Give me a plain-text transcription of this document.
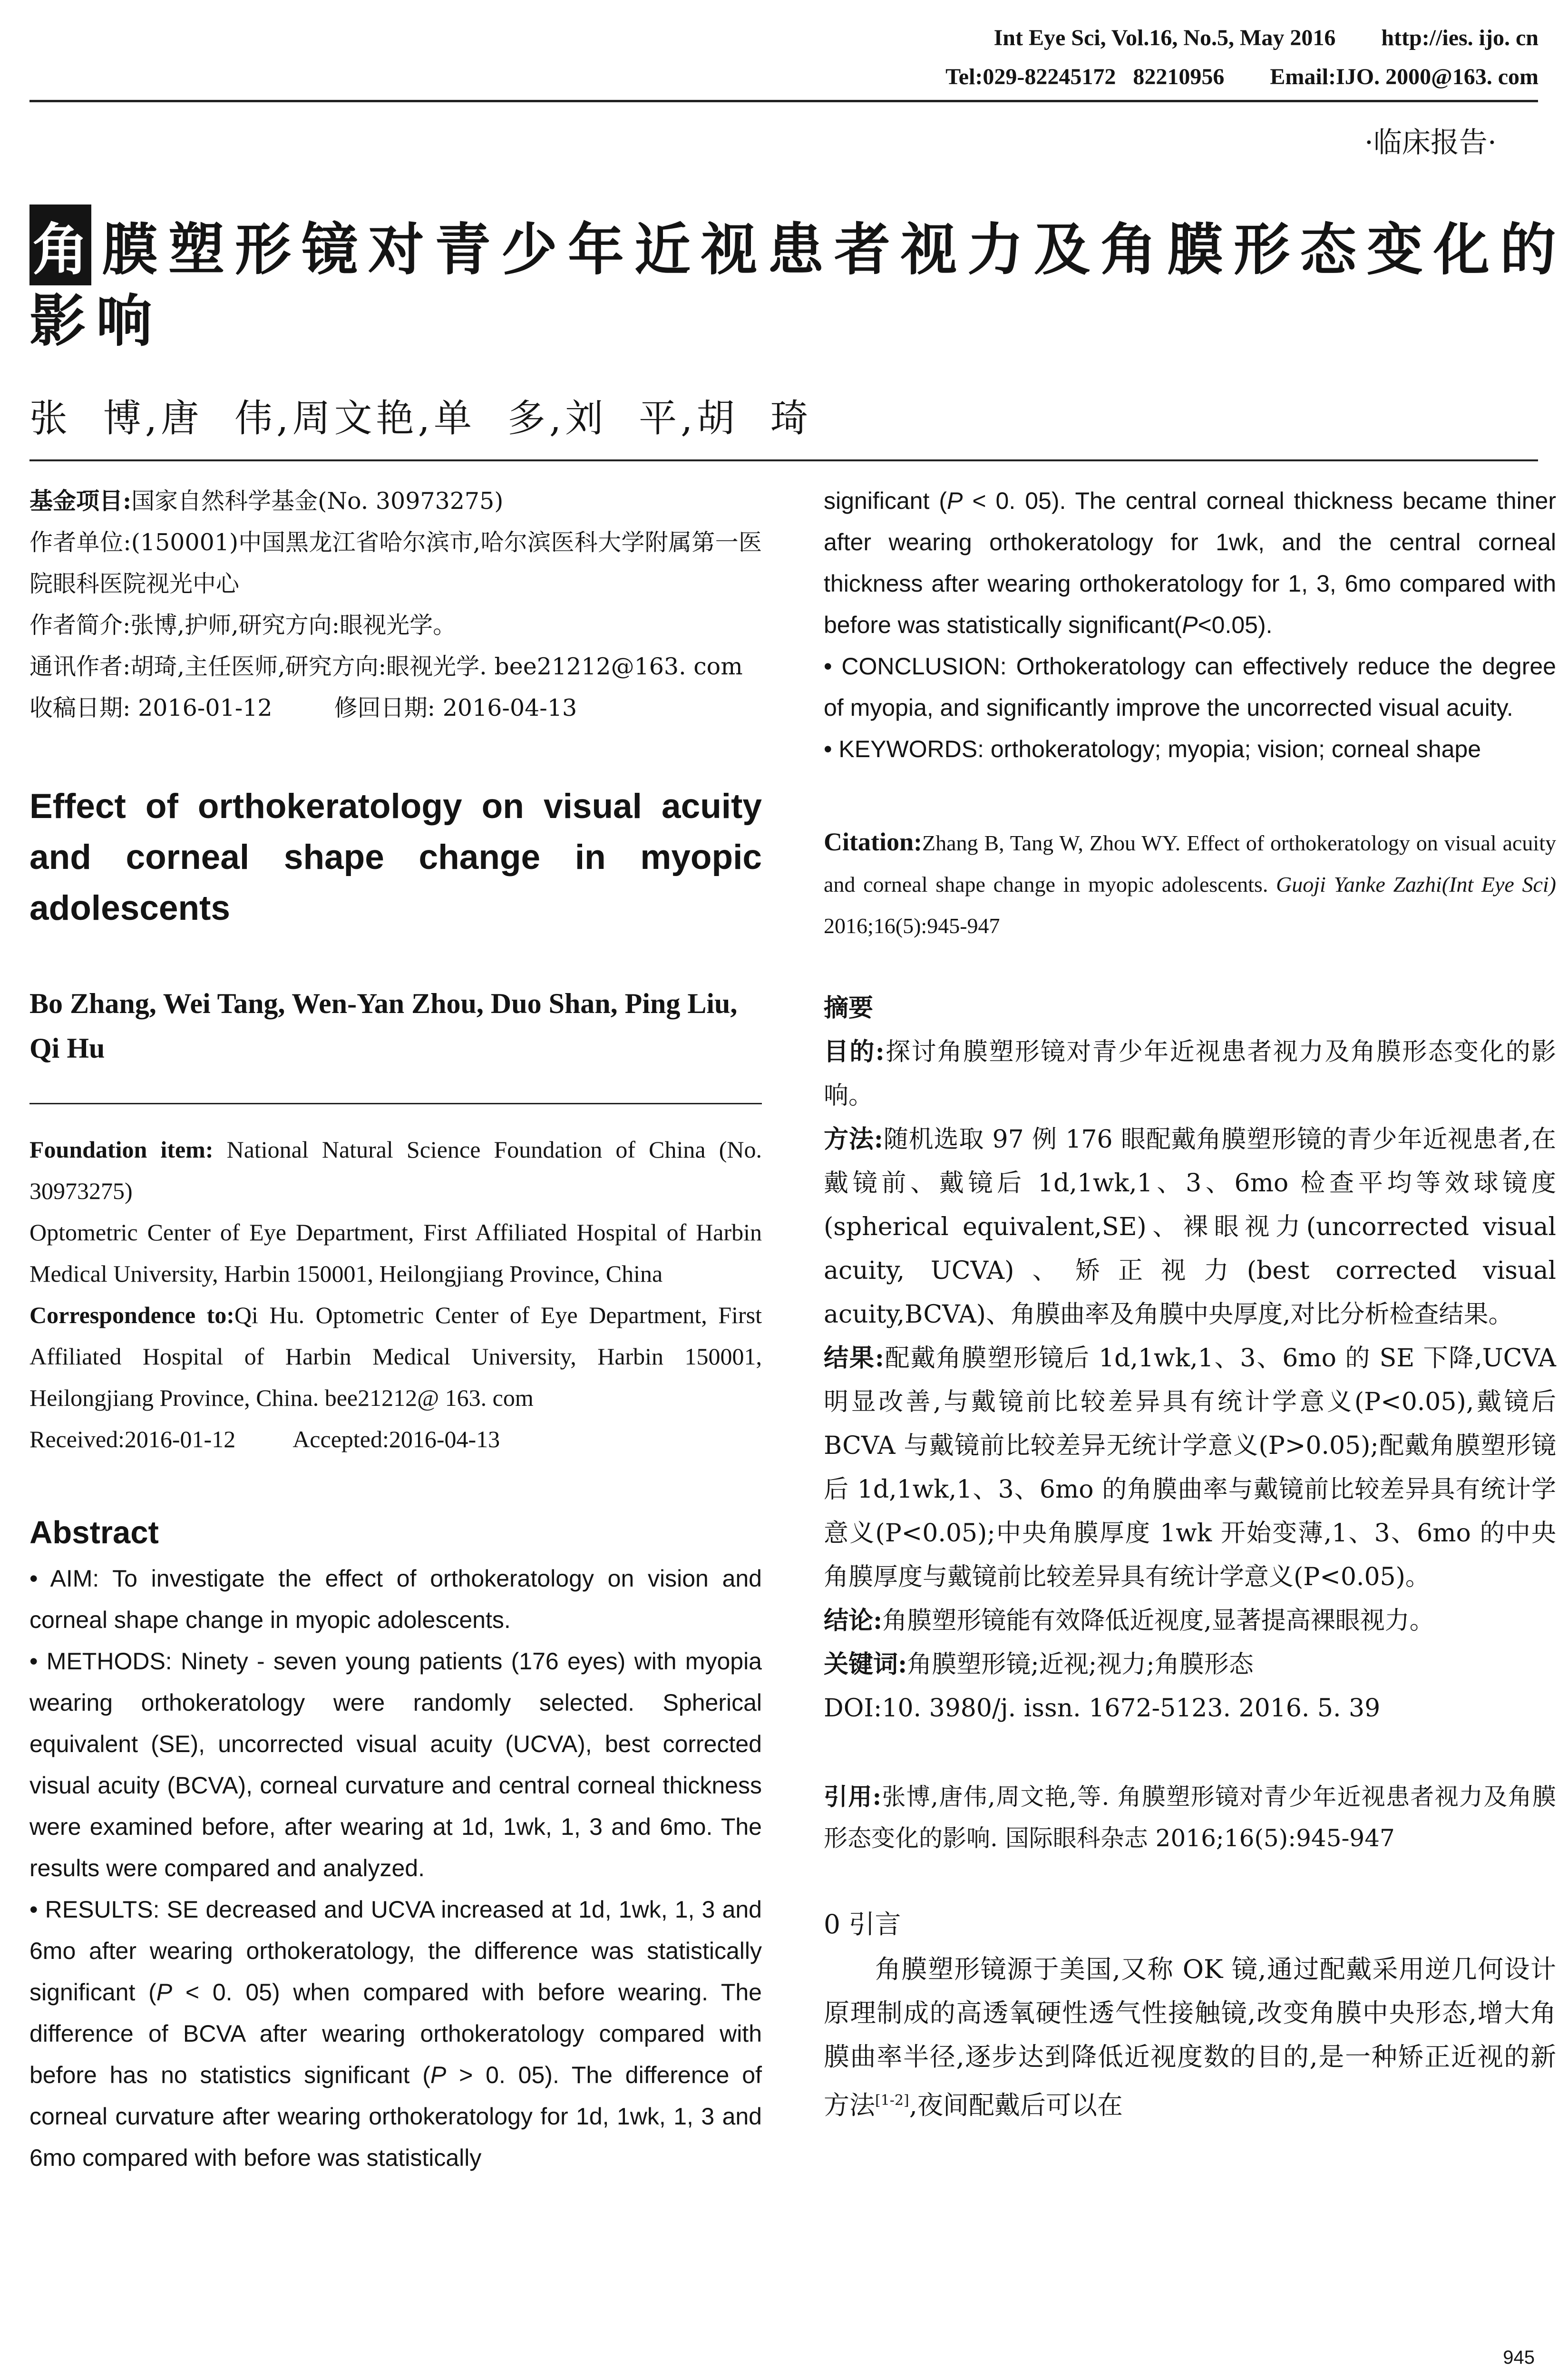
Int Eye Sci, Vol.16, No.5, May 2016        http://ies. ijo. cn
Tel:029-82245172   82210956        Email:IJO. 2000@163. com
·临床报告·
角 膜塑形镜对青少年近视患者视力及角膜形态变化的
影响
张  博,唐  伟,周文艳,单  多,刘  平,胡  琦

基金项目:国家自然科学基金(No. 30973275)

作者单位:(150001)中国黑龙江省哈尔滨市,哈尔滨医科大学附属第一医院眼科医院视光中心

作者简介:张博,护师,研究方向:眼视光学。

通讯作者:胡琦,主任医师,研究方向:眼视光学. bee21212@163. com

收稿日期: 2016-01-12	修回日期: 2016-04-13

Effect of orthokeratology on visual acuity and corneal shape change in myopic adolescents
Bo Zhang, Wei Tang, Wen-Yan Zhou, Duo Shan, Ping Liu, Qi Hu

Foundation item: National Natural Science Foundation of China (No. 30973275)

Optometric Center of Eye Department, First Affiliated Hospital of Harbin Medical University, Harbin 150001, Heilongjiang Province, China

Correspondence to:Qi Hu. Optometric Center of Eye Department, First Affiliated Hospital of Harbin Medical University, Harbin 150001, Heilongjiang Province, China. bee21212@ 163. com

Received:2016-01-12 Accepted:2016-04-13

Abstract

• AIM: To investigate the effect of orthokeratology on vision and corneal shape change in myopic adolescents.

• METHODS: Ninety - seven young patients (176 eyes) with myopia wearing orthokeratology were randomly selected. Spherical equivalent (SE), uncorrected visual acuity (UCVA), best corrected visual acuity (BCVA), corneal curvature and central corneal thickness were examined before, after wearing at 1d, 1wk, 1, 3 and 6mo. The results were compared and analyzed.

• RESULTS: SE decreased and UCVA increased at 1d, 1wk, 1, 3 and 6mo after wearing orthokeratology, the difference was statistically significant (P < 0. 05) when compared with before wearing. The difference of BCVA after wearing orthokeratology compared with before has no statistics significant (P > 0. 05). The difference of corneal curvature after wearing orthokeratology for 1d, 1wk, 1, 3 and 6mo compared with before was statistically

significant (P < 0. 05). The central corneal thickness became thiner after wearing orthokeratology for 1wk, and the central corneal thickness after wearing orthokeratology for 1, 3, 6mo compared with before was statistically significant(P<0.05).

• CONCLUSION: Orthokeratology can effectively reduce the degree of myopia, and significantly improve the uncorrected visual acuity.

• KEYWORDS: orthokeratology; myopia; vision; corneal shape

Citation:Zhang B, Tang W, Zhou WY. Effect of orthokeratology on visual acuity and corneal shape change in myopic adolescents. Guoji Yanke Zazhi(Int Eye Sci) 2016;16(5):945-947

摘要

目的:探讨角膜塑形镜对青少年近视患者视力及角膜形态变化的影响。

方法:随机选取 97 例 176 眼配戴角膜塑形镜的青少年近视患者,在戴镜前、戴镜后 1d,1wk,1、3、6mo 检查平均等效球镜度(spherical equivalent,SE)、裸眼视力(uncorrected visual acuity, UCVA)、矫正视力(best corrected visual acuity,BCVA)、角膜曲率及角膜中央厚度,对比分析检查结果。

结果:配戴角膜塑形镜后 1d,1wk,1、3、6mo 的 SE 下降,UCVA 明显改善,与戴镜前比较差异具有统计学意义(P<0.05),戴镜后 BCVA 与戴镜前比较差异无统计学意义(P>0.05);配戴角膜塑形镜后 1d,1wk,1、3、6mo 的角膜曲率与戴镜前比较差异具有统计学意义(P<0.05);中央角膜厚度 1wk 开始变薄,1、3、6mo 的中央角膜厚度与戴镜前比较差异具有统计学意义(P<0.05)。

结论:角膜塑形镜能有效降低近视度,显著提高裸眼视力。

关键词:角膜塑形镜;近视;视力;角膜形态

DOI:10. 3980/j. issn. 1672-5123. 2016. 5. 39

引用:张博,唐伟,周文艳,等. 角膜塑形镜对青少年近视患者视力及角膜形态变化的影响. 国际眼科杂志 2016;16(5):945-947

0 引言

角膜塑形镜源于美国,又称 OK 镜,通过配戴采用逆几何设计原理制成的高透氧硬性透气性接触镜,改变角膜中央形态,增大角膜曲率半径,逐步达到降低近视度数的目的,是一种矫正近视的新方法[1-2],夜间配戴后可以在

945
